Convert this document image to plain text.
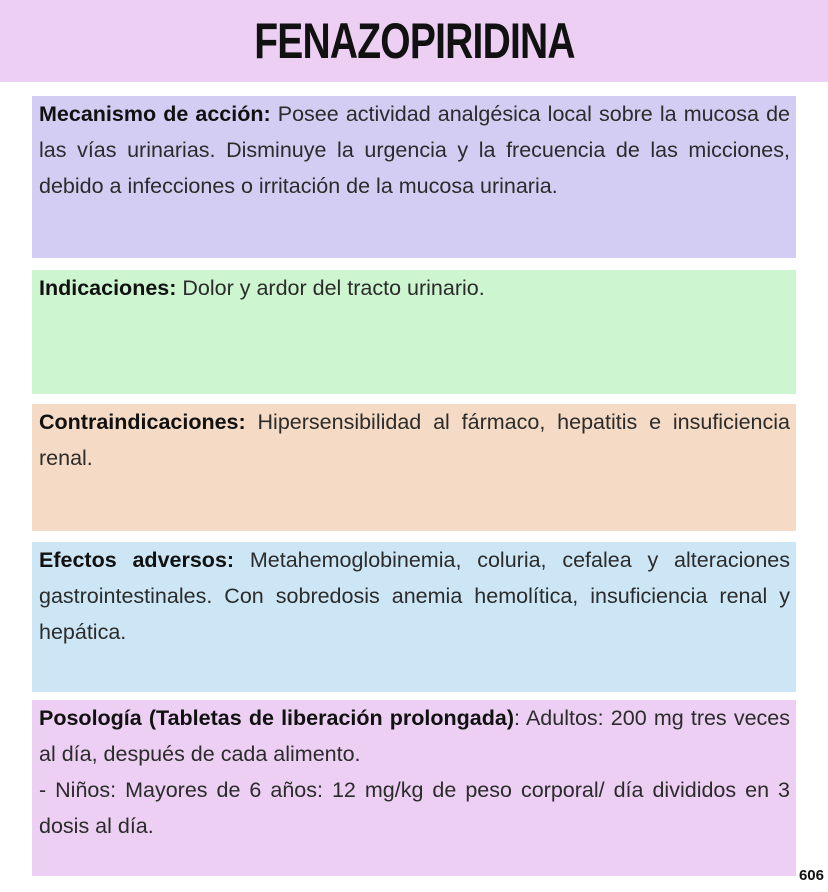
FENAZOPIRIDINA

Mecanismo de acción: Posee actividad analgésica local sobre la mucosa de las vías urinarias. Disminuye la urgencia y la frecuencia de las micciones, debido a infecciones o irritación de la mucosa urinaria.

Indicaciones: Dolor y ardor del tracto urinario.

Contraindicaciones: Hipersensibilidad al fármaco, hepatitis e insuficiencia renal.

Efectos adversos: Metahemoglobinemia, coluria, cefalea y alteraciones gastrointestinales. Con sobredosis anemia hemolítica, insuficiencia renal y hepática.

Posología (Tabletas de liberación prolongada): Adultos: 200 mg tres veces al día, después de cada alimento.

- Niños: Mayores de 6 años: 12 mg/kg de peso corporal/ día divididos en 3 dosis al día.

606
